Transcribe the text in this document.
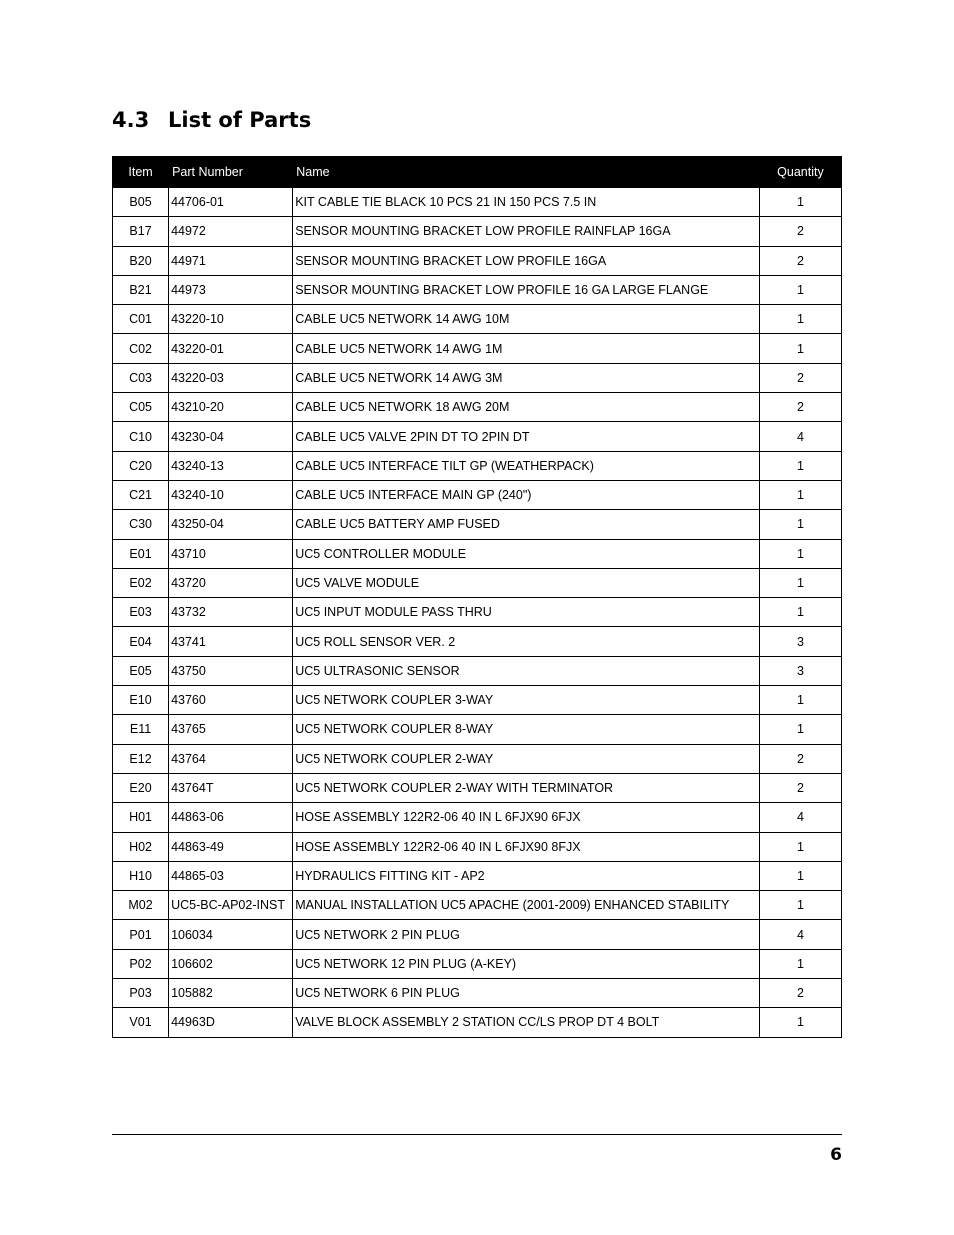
4.3 List of Parts
Item	Part Number	Name	Quantity
B05	44706-01	KIT CABLE TIE BLACK 10 PCS 21 IN 150 PCS 7.5 IN	1
B17	44972	SENSOR MOUNTING BRACKET LOW PROFILE RAINFLAP 16GA	2
B20	44971	SENSOR MOUNTING BRACKET LOW PROFILE 16GA	2
B21	44973	SENSOR MOUNTING BRACKET LOW PROFILE 16 GA LARGE FLANGE	1
C01	43220-10	CABLE UC5 NETWORK 14 AWG 10M	1
C02	43220-01	CABLE UC5 NETWORK 14 AWG 1M	1
C03	43220-03	CABLE UC5 NETWORK 14 AWG 3M	2
C05	43210-20	CABLE UC5 NETWORK 18 AWG 20M	2
C10	43230-04	CABLE UC5 VALVE 2PIN DT TO 2PIN DT	4
C20	43240-13	CABLE UC5 INTERFACE TILT GP (WEATHERPACK)	1
C21	43240-10	CABLE UC5 INTERFACE MAIN GP (240")	1
C30	43250-04	CABLE UC5 BATTERY AMP FUSED	1
E01	43710	UC5 CONTROLLER MODULE	1
E02	43720	UC5 VALVE MODULE	1
E03	43732	UC5 INPUT MODULE PASS THRU	1
E04	43741	UC5 ROLL SENSOR VER. 2	3
E05	43750	UC5 ULTRASONIC SENSOR	3
E10	43760	UC5 NETWORK COUPLER 3-WAY	1
E11	43765	UC5 NETWORK COUPLER 8-WAY	1
E12	43764	UC5 NETWORK COUPLER 2-WAY	2
E20	43764T	UC5 NETWORK COUPLER 2-WAY WITH TERMINATOR	2
H01	44863-06	HOSE ASSEMBLY 122R2-06 40 IN L 6FJX90 6FJX	4
H02	44863-49	HOSE ASSEMBLY 122R2-06 40 IN L 6FJX90 8FJX	1
H10	44865-03	HYDRAULICS FITTING KIT - AP2	1
M02	UC5-BC-AP02-INST	MANUAL INSTALLATION UC5 APACHE (2001-2009) ENHANCED STABILITY	1
P01	106034	UC5 NETWORK 2 PIN PLUG	4
P02	106602	UC5 NETWORK 12 PIN PLUG (A-KEY)	1
P03	105882	UC5 NETWORK 6 PIN PLUG	2
V01	44963D	VALVE BLOCK ASSEMBLY 2 STATION CC/LS PROP DT 4 BOLT	1
6
